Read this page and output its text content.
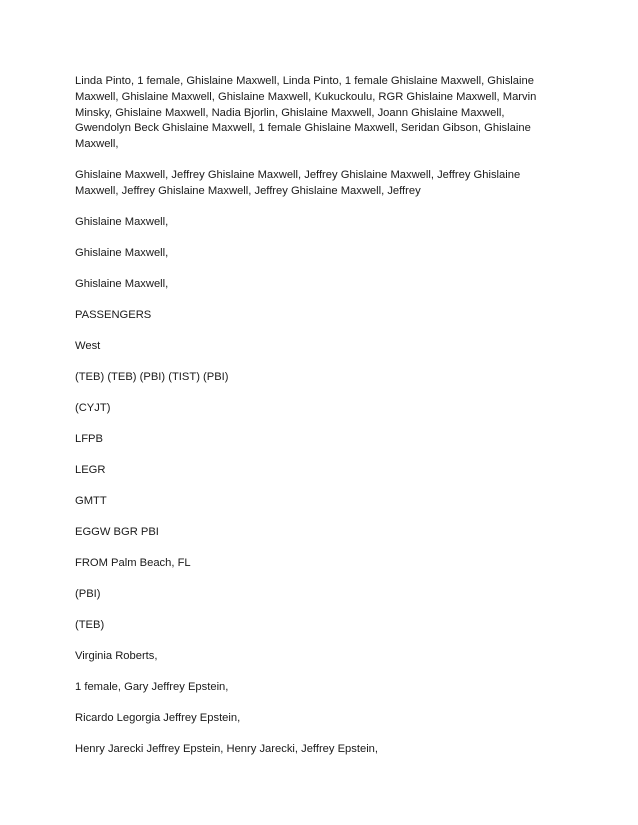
Linda Pinto, 1 female, Ghislaine Maxwell, Linda Pinto, 1 female Ghislaine Maxwell, Ghislaine Maxwell, Ghislaine Maxwell, Ghislaine Maxwell, Kukuckoulu, RGR Ghislaine Maxwell, Marvin Minsky, Ghislaine Maxwell, Nadia Bjorlin, Ghislaine Maxwell, Joann Ghislaine Maxwell, Gwendolyn Beck Ghislaine Maxwell, 1 female Ghislaine Maxwell, Seridan Gibson, Ghislaine Maxwell,

Ghislaine Maxwell, Jeffrey Ghislaine Maxwell, Jeffrey Ghislaine Maxwell, Jeffrey Ghislaine Maxwell, Jeffrey Ghislaine Maxwell, Jeffrey Ghislaine Maxwell, Jeffrey

Ghislaine Maxwell,

Ghislaine Maxwell,

Ghislaine Maxwell,

PASSENGERS

West

(TEB) (TEB) (PBI) (TIST) (PBI)

(CYJT)

LFPB

LEGR

GMTT

EGGW BGR PBI

FROM Palm Beach, FL

(PBI)

(TEB)

Virginia Roberts,

1 female, Gary Jeffrey Epstein,

Ricardo Legorgia Jeffrey Epstein,

Henry Jarecki Jeffrey Epstein, Henry Jarecki, Jeffrey Epstein,
